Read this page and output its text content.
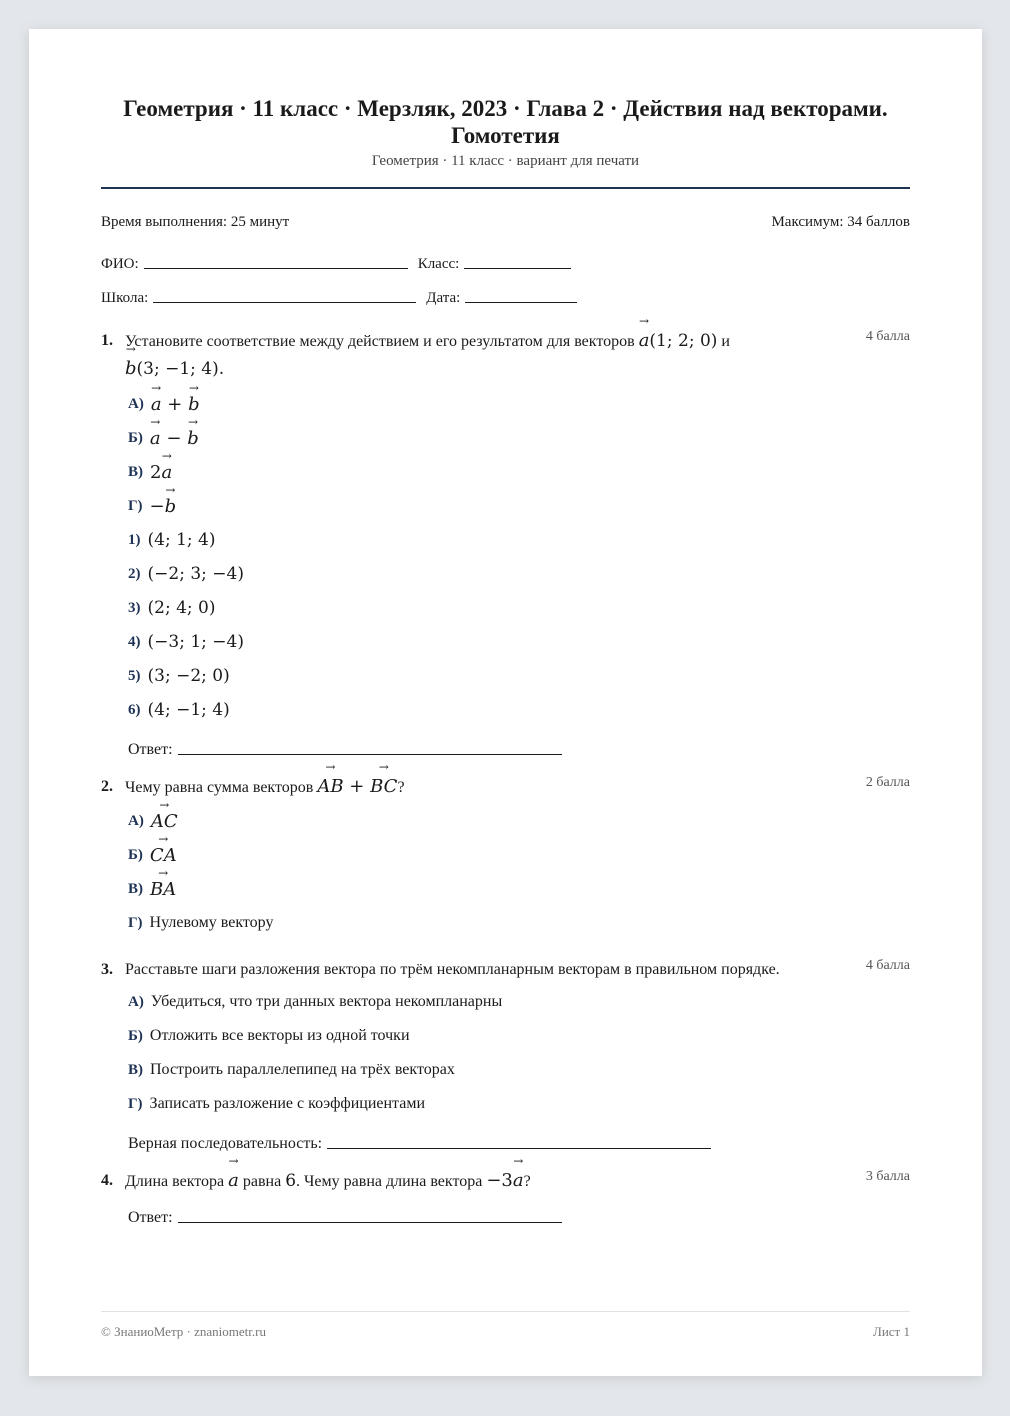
Геометрия · 11 класс · Мерзляк, 2023 · Глава 2 · Действия над векторами. Гомотетия
Геометрия · 11 класс · вариант для печати
Время выполнения: 25 минут	Максимум: 34 баллов
ФИО:	Класс:
Школа:	Дата:
4 балла
1. Установите соответствие между действием и его результатом для векторов → a(1; 2; 0) и
→ b(3; −1; 4).
А) → a + → b
Б) → a − → b
В) 2→ a
Г) −→ b
1) (4; 1; 4)
2) (−2; 3; −4)
3) (2; 4; 0)
4) (−3; 1; −4)
5) (3; −2; 0)
6) (4; −1; 4)
Ответ:
2 балла
2. Чему равна сумма векторов → AB + → BC?
А) → AC
Б) → CA
В) → BA
Г) Нулевому вектору
4 балла
3. Расставьте шаги разложения вектора по трём некомпланарным векторам в правильном порядке.
А) Убедиться, что три данных вектора некомпланарны
Б) Отложить все векторы из одной точки
В) Построить параллелепипед на трёх векторах
Г) Записать разложение с коэффициентами
Верная последовательность:
3 балла
4. Длина вектора → a равна 6. Чему равна длина вектора −3→ a?
Ответ:
© ЗнаниоМетр · znaniometr.ru	Лист 1
